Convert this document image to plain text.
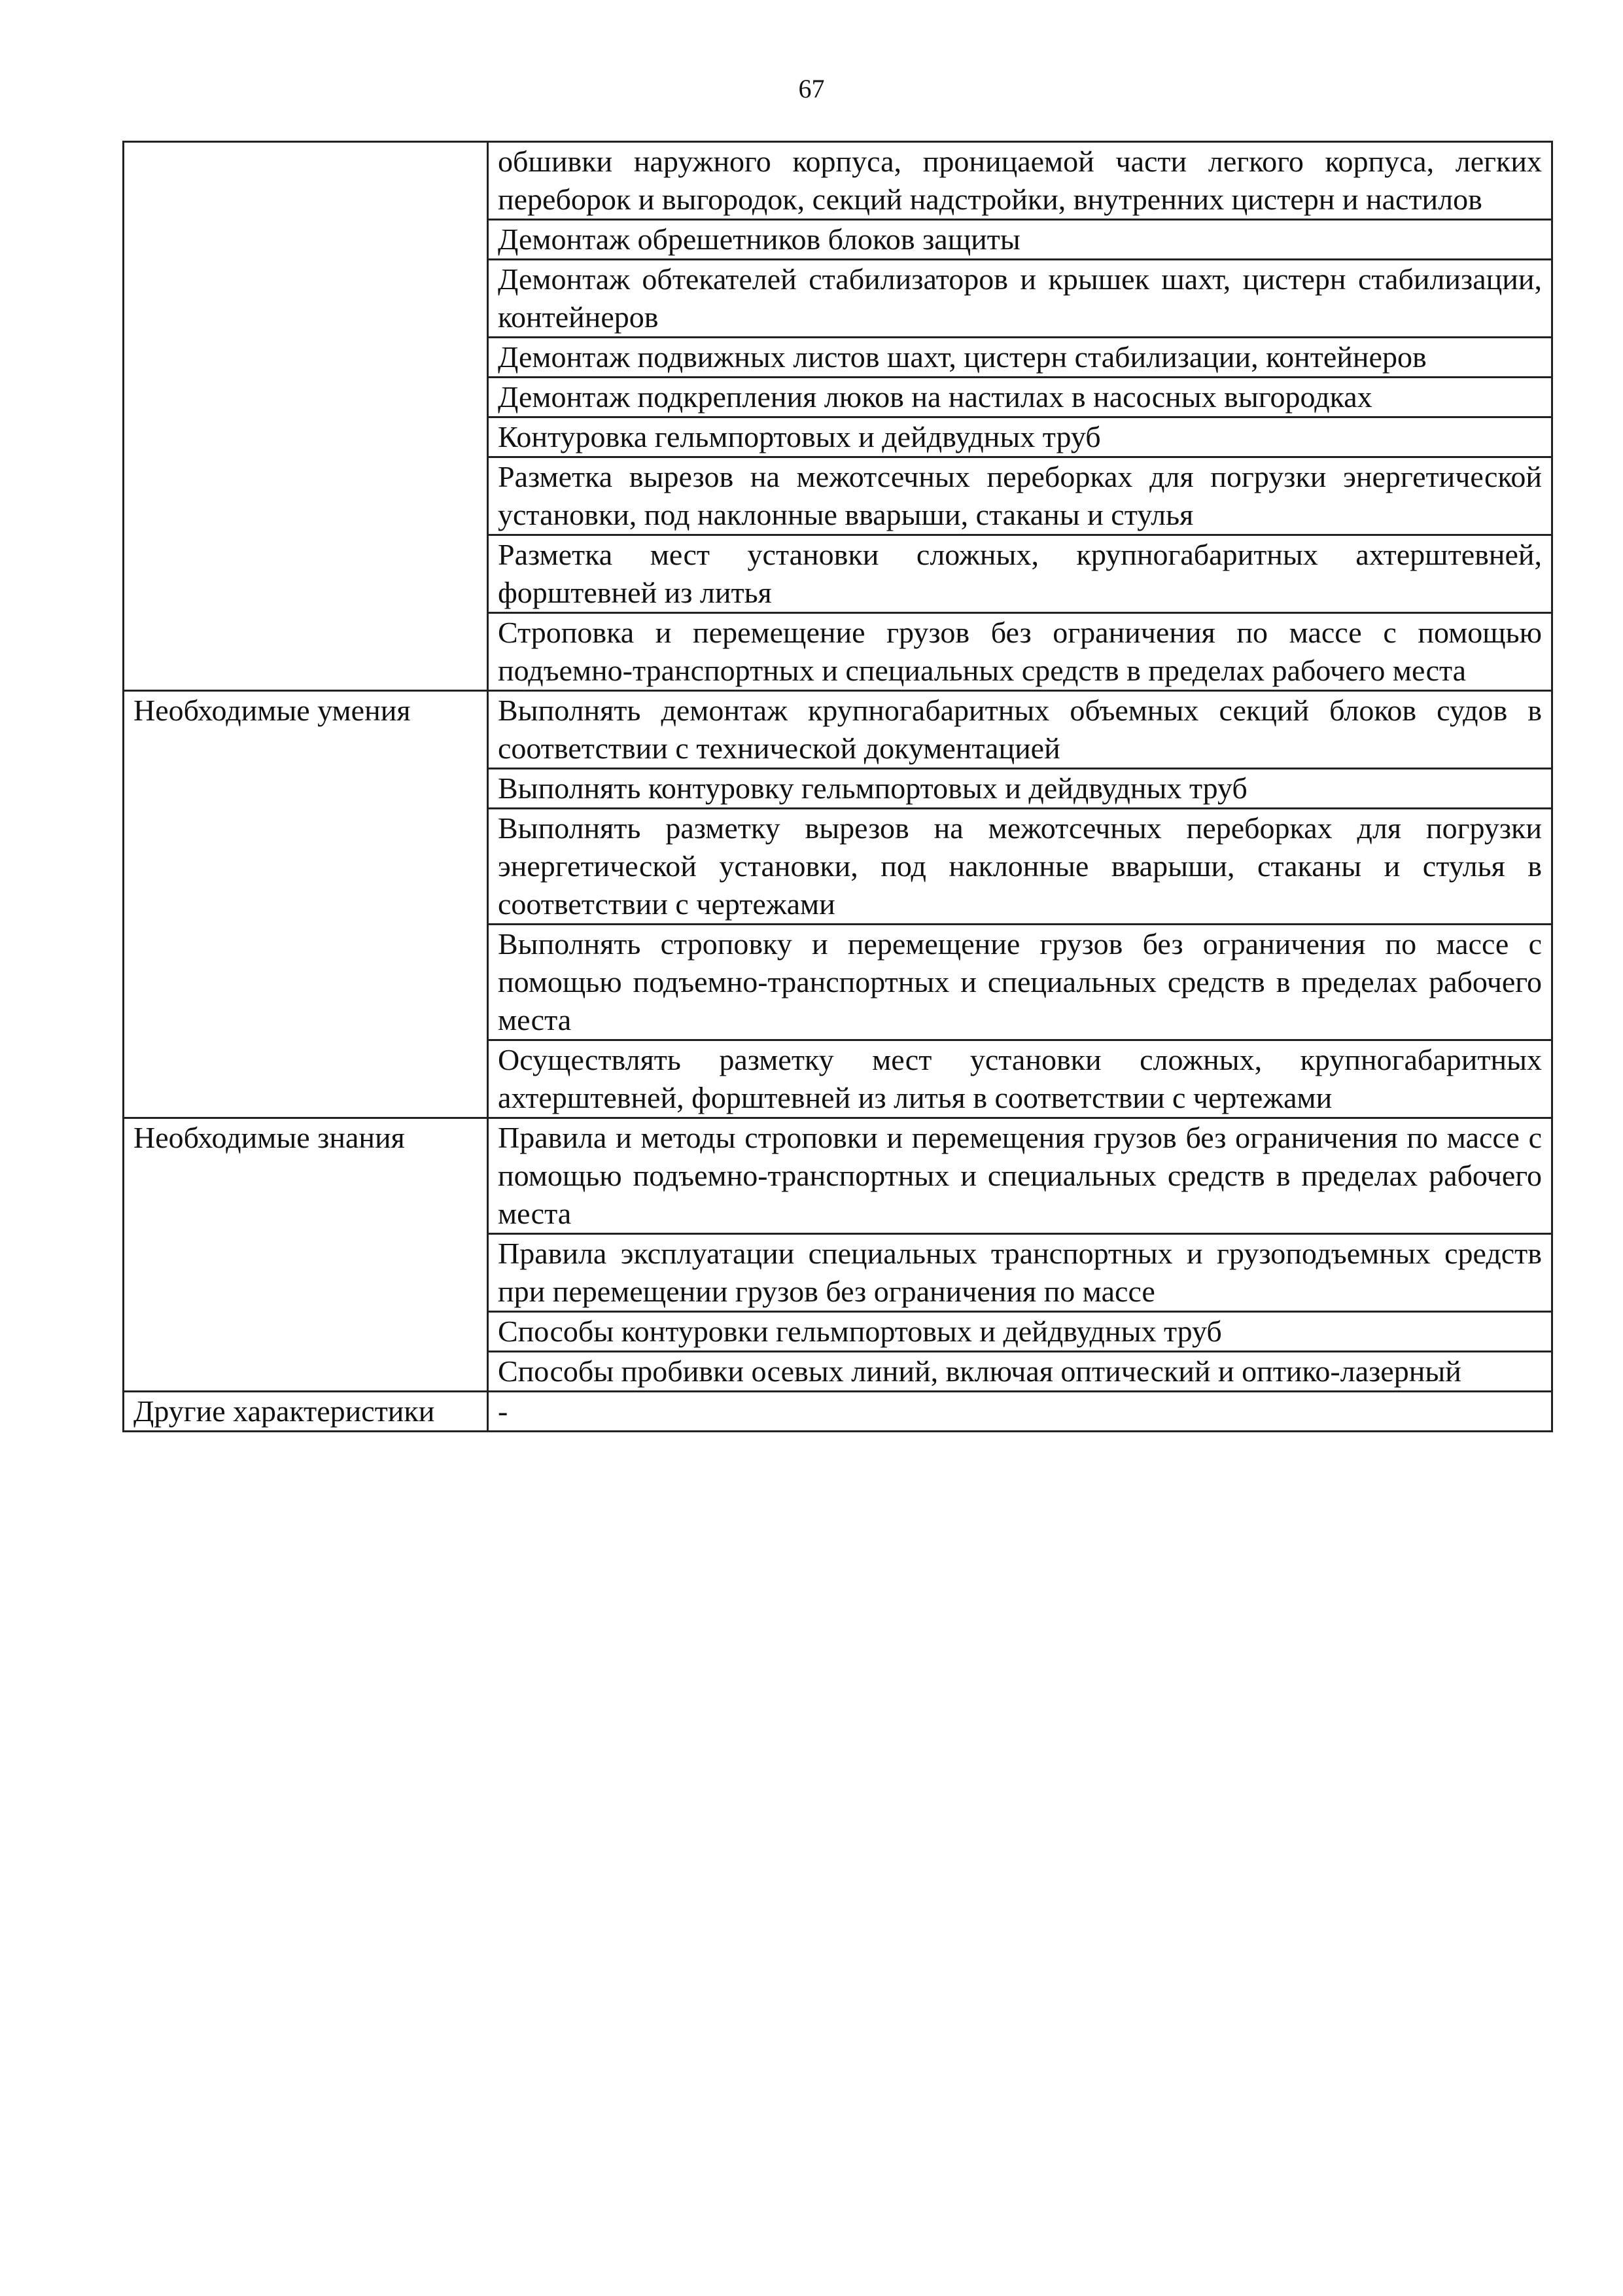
67
	обшивки наружного корпуса, проницаемой части легкого корпуса, легких переборок и выгородок, секций надстройки, внутренних цистерн и настилов
	Демонтаж обрешетников блоков защиты
	Демонтаж обтекателей стабилизаторов и крышек шахт, цистерн стабилизации, контейнеров
	Демонтаж подвижных листов шахт, цистерн стабилизации, контейнеров
	Демонтаж подкрепления люков на настилах в насосных выгородках
	Контуровка гельмпортовых и дейдвудных труб
	Разметка вырезов на межотсечных переборках для погрузки энергетической установки, под наклонные вварыши, стаканы и стулья
	Разметка мест установки сложных, крупногабаритных ахтерштевней, форштевней из литья
	Строповка и перемещение грузов без ограничения по массе с помощью подъемно-транспортных и специальных средств в пределах рабочего места
Необходимые умения	Выполнять демонтаж крупногабаритных объемных секций блоков судов в соответствии с технической документацией
	Выполнять контуровку гельмпортовых и дейдвудных труб
	Выполнять разметку вырезов на межотсечных переборках для погрузки энергетической установки, под наклонные вварыши, стаканы и стулья в соответствии с чертежами
	Выполнять строповку и перемещение грузов без ограничения по массе с помощью подъемно-транспортных и специальных средств в пределах рабочего места
	Осуществлять разметку мест установки сложных, крупногабаритных ахтерштевней, форштевней из литья в соответствии с чертежами
Необходимые знания	Правила и методы строповки и перемещения грузов без ограничения по массе с помощью подъемно-транспортных и специальных средств в пределах рабочего места
	Правила эксплуатации специальных транспортных и грузоподъемных средств при перемещении грузов без ограничения по массе
	Способы контуровки гельмпортовых и дейдвудных труб
	Способы пробивки осевых линий, включая оптический и оптико-лазерный
Другие характеристики	-
